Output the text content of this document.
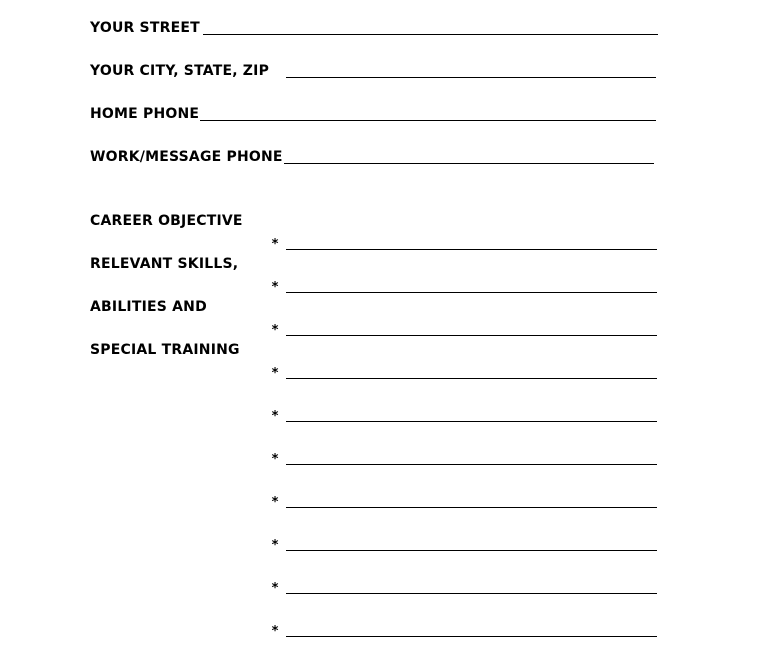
YOUR STREET
YOUR CITY, STATE, ZIP
HOME PHONE
WORK/MESSAGE PHONE
CAREER OBJECTIVE
RELEVANT SKILLS,
ABILITIES AND
SPECIAL TRAINING
*
*
*
*
*
*
*
*
*
*
